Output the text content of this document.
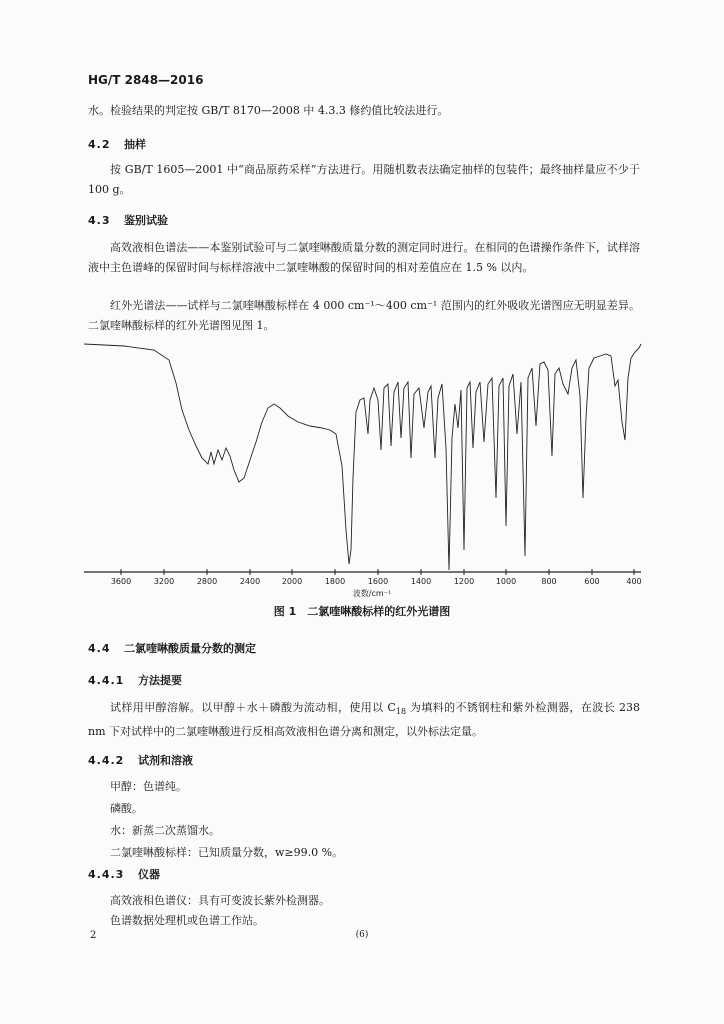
HG/T 2848—2016
水。检验结果的判定按 GB/T 8170—2008 中 4.3.3 修约值比较法进行。
4.2 抽样
按 GB/T 1605—2001 中“商品原药采样”方法进行。用随机数表法确定抽样的包装件；最终抽样量应不少于 100 g。
4.3 鉴别试验
高效液相色谱法——本鉴别试验可与二氯喹啉酸质量分数的测定同时进行。在相同的色谱操作条件下，试样溶液中主色谱峰的保留时间与标样溶液中二氯喹啉酸的保留时间的相对差值应在 1.5 % 以内。
红外光谱法——试样与二氯喹啉酸标样在 4 000 cm⁻¹～400 cm⁻¹ 范围内的红外吸收光谱图应无明显差异。二氯喹啉酸标样的红外光谱图见图 1。
3600	3200	2800	2400	2000	1800	1600	1400	1200	1000	800	600	400
波数/cm⁻¹
图 1　二氯喹啉酸标样的红外光谱图
4.4 二氯喹啉酸质量分数的测定
4.4.1 方法提要
试样用甲醇溶解。以甲醇＋水＋磷酸为流动相，使用以 $C_{18}$ 为填料的不锈钢柱和紫外检测器，在波长 238 nm 下对试样中的二氯喹啉酸进行反相高效液相色谱分离和测定，以外标法定量。
4.4.2 试剂和溶液
甲醇：色谱纯。
磷酸。
水：新蒸二次蒸馏水。
二氯喹啉酸标样：已知质量分数，w≥99.0 %。
4.4.3 仪器
高效液相色谱仪：具有可变波长紫外检测器。
色谱数据处理机或色谱工作站。
2	(6)
